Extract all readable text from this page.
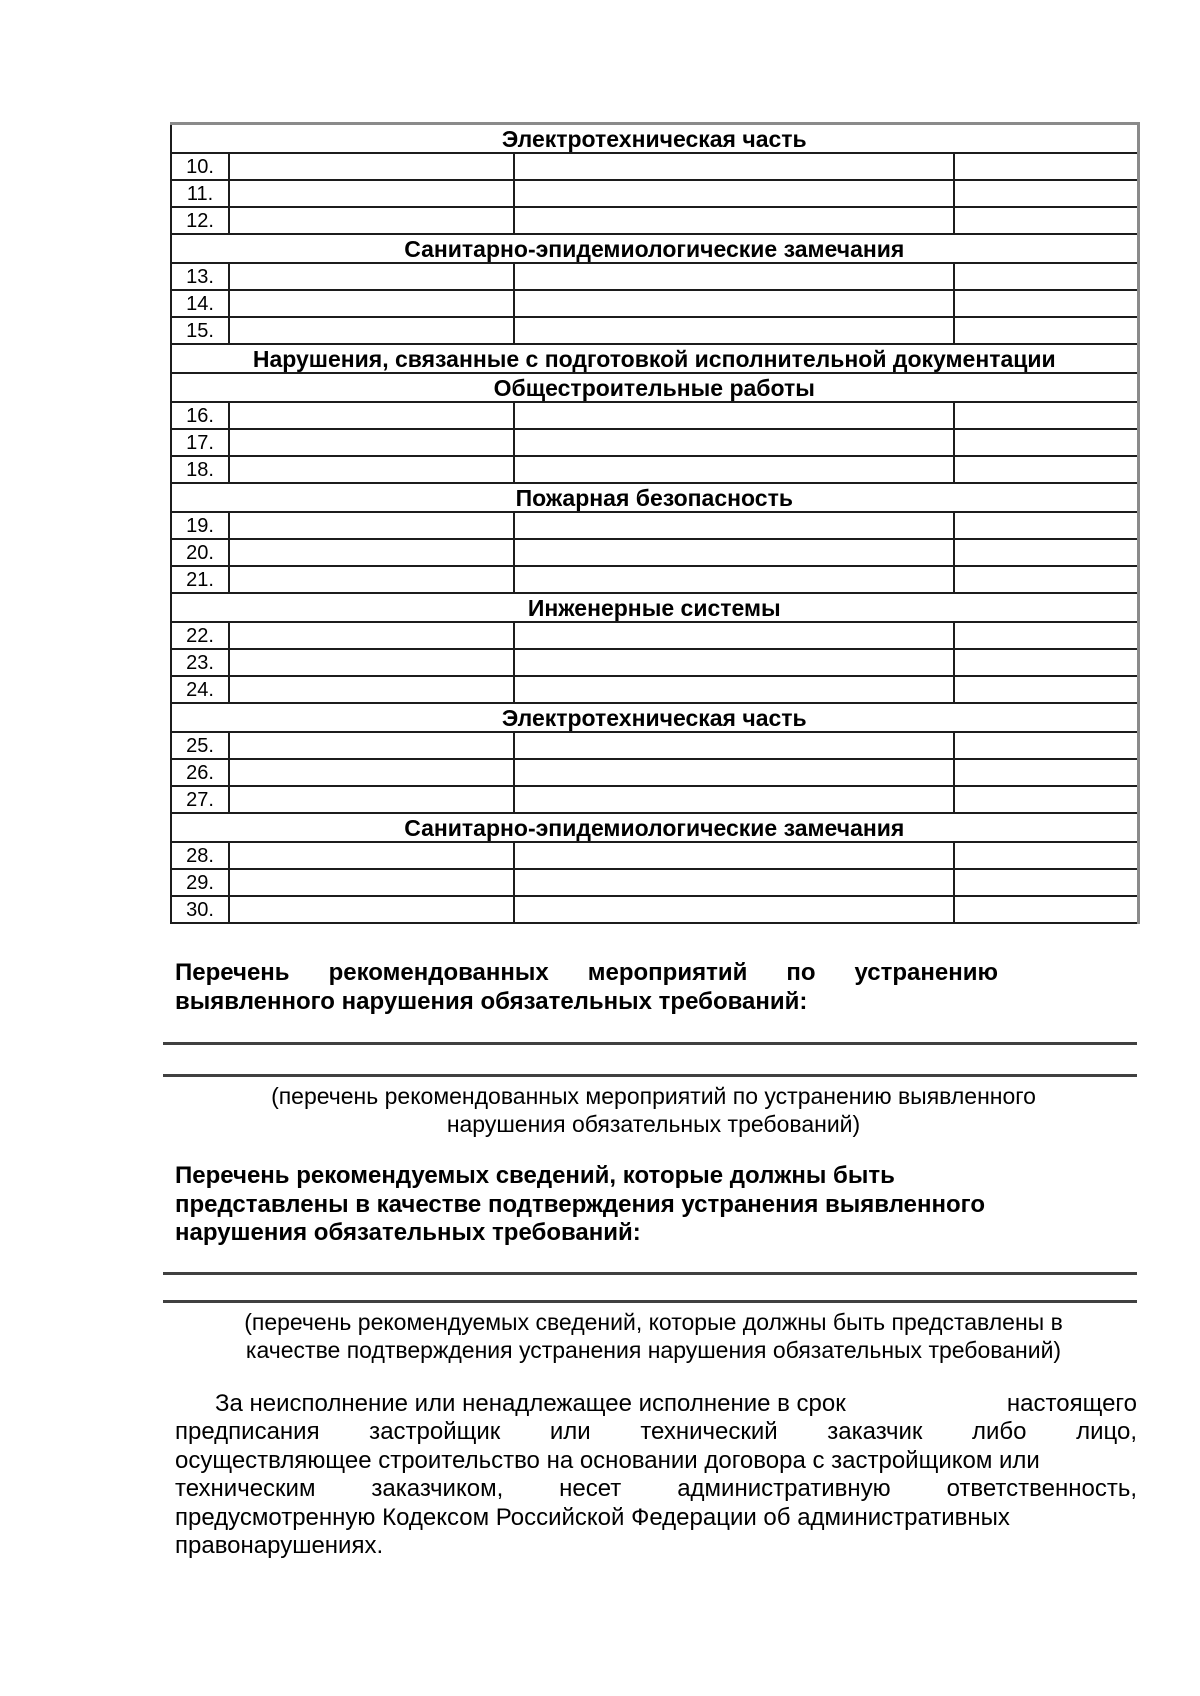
Электротехническая часть			
10.			
11.			
12.			
Санитарно-эпидемиологические замечания			
13.			
14.			
15.			
Нарушения, связанные с подготовкой исполнительной документации			
Общестроительные работы			
16.			
17.			
18.			
Пожарная безопасность			
19.			
20.			
21.			
Инженерные системы			
22.			
23.			
24.			
Электротехническая часть			
25.			
26.			
27.			
Санитарно-эпидемиологические замечания			
28.			
29.			
30.			
Перечень рекомендованных мероприятий по устранению
выявленного нарушения обязательных требований:
(перечень рекомендованных мероприятий по устранению выявленного
нарушения обязательных требований)
Перечень рекомендуемых сведений, которые должны быть
представлены в качестве подтверждения устранения выявленного
нарушения обязательных требований:
(перечень рекомендуемых сведений, которые должны быть представлены в
качестве подтверждения устранения нарушения обязательных требований)
За неисполнение или ненадлежащее исполнение в срок	настоящего
предписания застройщик или технический заказчик либо лицо,
осуществляющее строительство на основании договора с застройщиком или
техническим заказчиком, несет административную ответственность,
предусмотренную Кодексом Российской Федерации об административных
правонарушениях.
